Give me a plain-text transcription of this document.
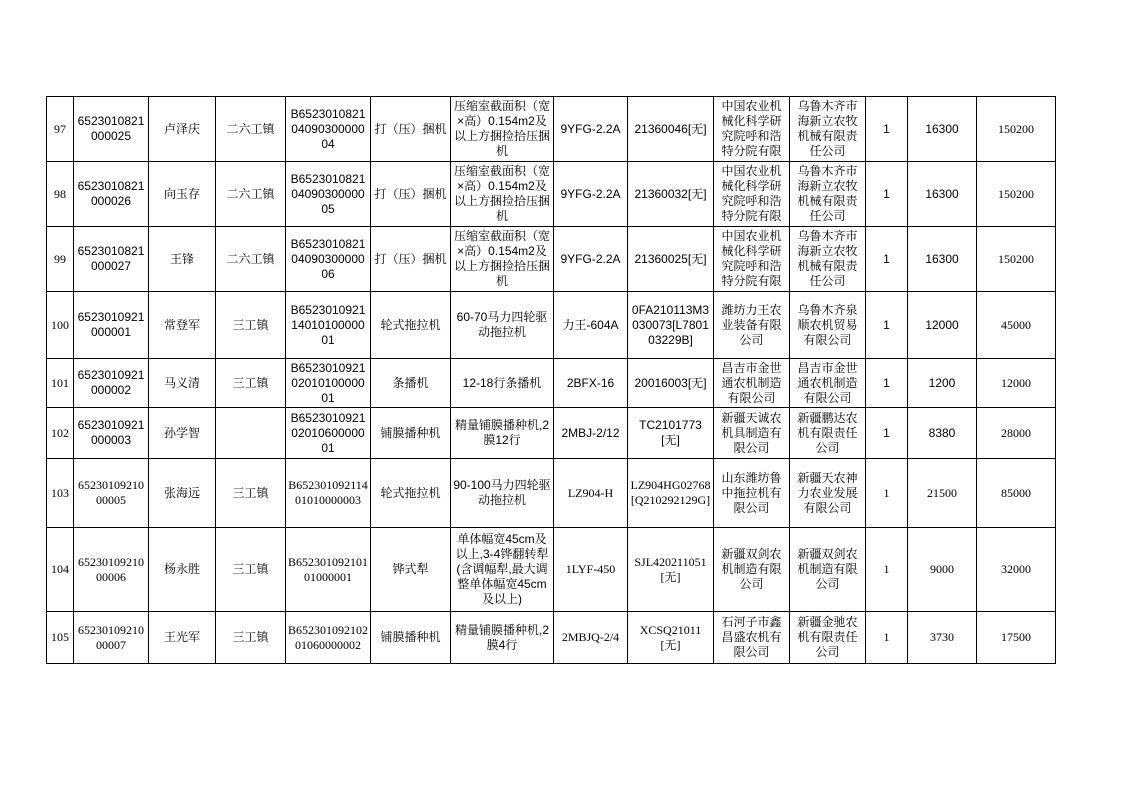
97	6523010821000025	卢泽庆	二六工镇	B65230108210409030000004	打（压）捆机	压缩室截面积（宽×高）0.154m2及以上方捆捡拾压捆机	9YFG-2.2A	21360046[无]	中国农业机械化科学研究院呼和浩特分院有限	乌鲁木齐市海新立农牧机械有限责任公司	1	16300	150200
98	6523010821000026	向玉存	二六工镇	B65230108210409030000005	打（压）捆机	压缩室截面积（宽×高）0.154m2及以上方捆捡拾压捆机	9YFG-2.2A	21360032[无]	中国农业机械化科学研究院呼和浩特分院有限	乌鲁木齐市海新立农牧机械有限责任公司	1	16300	150200
99	6523010821000027	王锋	二六工镇	B65230108210409030000006	打（压）捆机	压缩室截面积（宽×高）0.154m2及以上方捆捡拾压捆机	9YFG-2.2A	21360025[无]	中国农业机械化科学研究院呼和浩特分院有限	乌鲁木齐市海新立农牧机械有限责任公司	1	16300	150200
100	6523010921000001	常登军	三工镇	B65230109211401010000001	轮式拖拉机	60-70马力四轮驱动拖拉机	力王-604A	0FA210113M3030073[L780103229B]	潍坊力王农业装备有限公司	乌鲁木齐泉顺农机贸易有限公司	1	12000	45000
101	6523010921000002	马义清	三工镇	B65230109210201010000001	条播机	12-18行条播机	2BFX-16	20016003[无]	昌吉市金世通农机制造有限公司	昌吉市金世通农机制造有限公司	1	1200	12000
102	6523010921000003	孙学智		B65230109210201060000001	铺膜播种机	精量铺膜播种机,2膜12行	2MBJ-2/12	TC2101773[无]	新疆天诚农机具制造有限公司	新疆鹏达农机有限责任公司	1	8380	28000
103	6523010921000005	张海远	三工镇	B65230109211401010000003	轮式拖拉机	90-100马力四轮驱动拖拉机	LZ904-H	LZ904HG02768[Q210292129G]	山东潍坊鲁中拖拉机有限公司	新疆天农神力农业发展有限公司	1	21500	85000
104	6523010921000006	杨永胜	三工镇	B65230109210101000001	铧式犁	单体幅宽45cm及以上,3-4铧翻转犁(含调幅犁,最大调整单体幅宽45cm及以上)	1LYF-450	SJL420211051[无]	新疆双剑农机制造有限公司	新疆双剑农机制造有限公司	1	9000	32000
105	6523010921000007	王光军	三工镇	B65230109210201060000002	铺膜播种机	精量铺膜播种机,2膜4行	2MBJQ-2/4	XCSQ21011[无]	石河子市鑫昌盛农机有限公司	新疆金驰农机有限责任公司	1	3730	17500
